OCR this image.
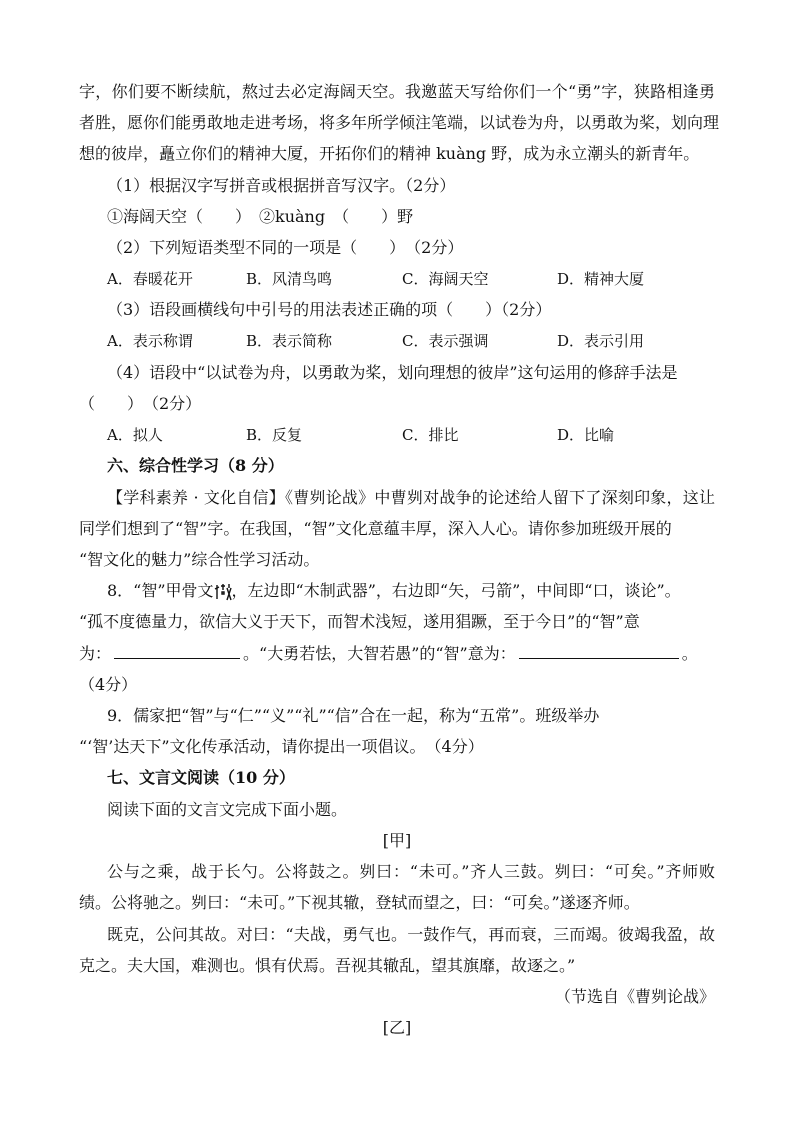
字，你们要不断续航，熬过去必定海阔天空。我邀蓝天写给你们一个“勇”字，狭路相逢勇
者胜，愿你们能勇敢地走进考场，将多年所学倾注笔端，以试卷为舟，以勇敢为桨，划向理
想的彼岸，矗立你们的精神大厦，开拓你们的精神 kuàng 野，成为永立潮头的新青年。
（1）根据汉字写拼音或根据拼音写汉字。（2分）
①海阔天空（　　）　②kuàng　（　　）野
（2）下列短语类型不同的一项是（　　）　（2分）
A．春暖花开	B．风清鸟鸣	C．海阔天空	D．精神大厦
（3）语段画横线句中引号的用法表述正确的项（　　）（2分）
A．表示称谓	B．表示简称	C．表示强调	D．表示引用
（4）语段中“以试卷为舟，以勇敢为桨，划向理想的彼岸”这句运用的修辞手法是
（　　）　（2分）
A．拟人	B．反复	C．排比	D．比喻
六、综合性学习（8 分）
【学科素养 · 文化自信】《曹刿论战》中曹刿对战争的论述给人留下了深刻印象，这让
同学们想到了“智”字。在我国，“智”文化意蕴丰厚，深入人心。请你参加班级开展的
“智文化的魅力”综合性学习活动。
8．“智”甲骨文 ，左边即“木制武器”，右边即“矢，弓箭”，中间即“口，谈论”。
“孤不度德量力，欲信大义于天下，而智术浅短，遂用猖蹶，至于今日”的“智”意
为：	。“大勇若怯，大智若愚”的“智”意为：	。
（4分）
9．儒家把“智”与“仁”“义”“礼”“信”合在一起，称为“五常”。班级举办
“‘智’达天下”文化传承活动，请你提出一项倡议。　（4分）
七、文言文阅读（10 分）
阅读下面的文言文完成下面小题。
[甲]
公与之乘，战于长勺。公将鼓之。刿曰：“未可。”齐人三鼓。刿曰：“可矣。”齐师败
绩。公将驰之。刿曰：“未可。”下视其辙，登轼而望之，曰：“可矣。”遂逐齐师。
既克，公问其故。对曰：“夫战，勇气也。一鼓作气，再而衰，三而竭。彼竭我盈，故
克之。夫大国，难测也。惧有伏焉。吾视其辙乱，望其旗靡，故逐之。”
（节选自《曹刿论战》
[乙]
